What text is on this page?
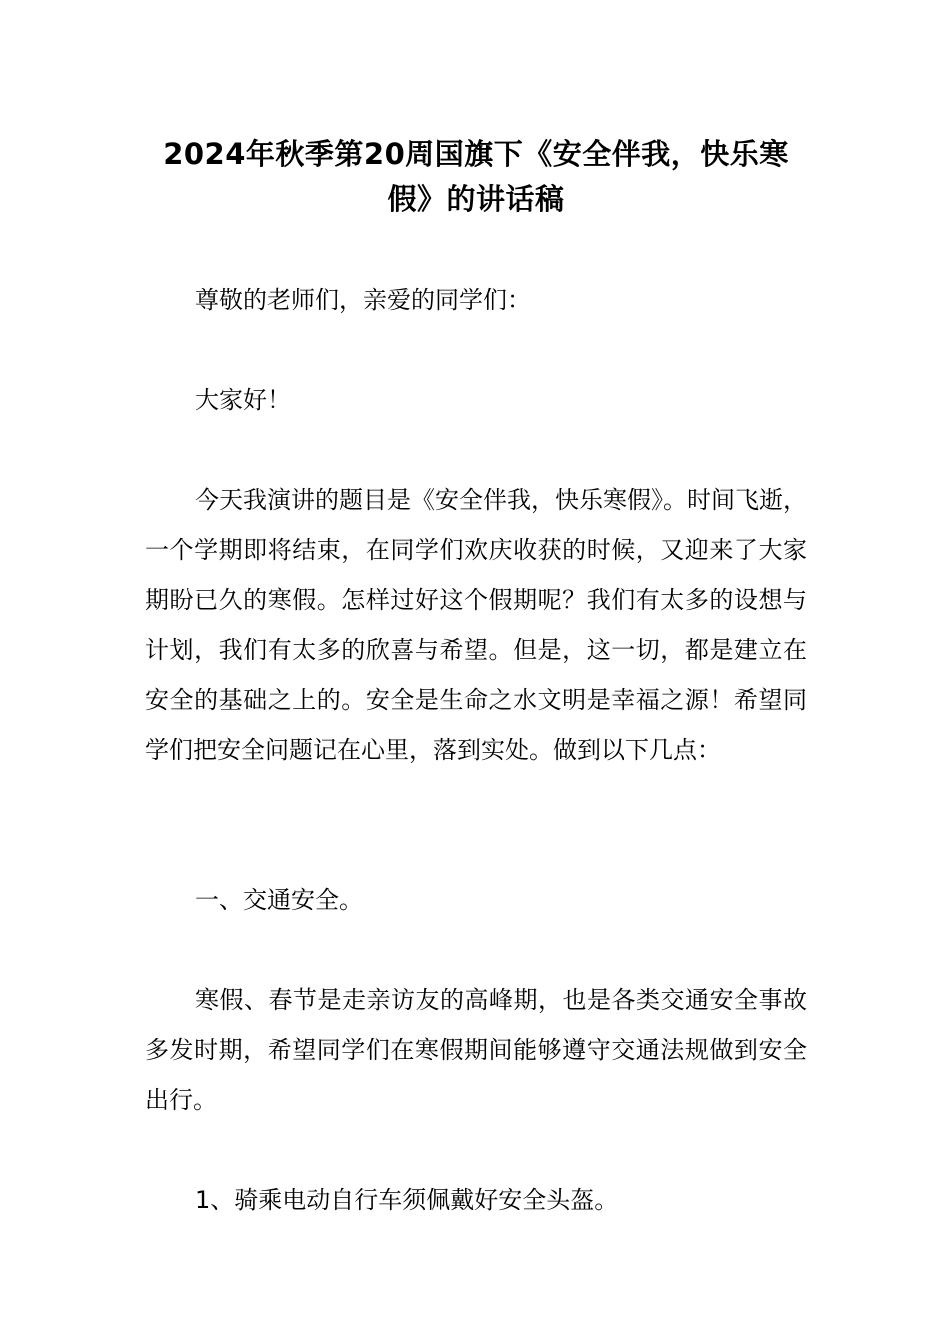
2024年秋季第20周国旗下《安全伴我，快乐寒假》的讲话稿

尊敬的老师们，亲爱的同学们：

大家好！

今天我演讲的题目是《安全伴我，快乐寒假》。时间飞逝，一个学期即将结束，在同学们欢庆收获的时候，又迎来了大家期盼已久的寒假。怎样过好这个假期呢？我们有太多的设想与计划，我们有太多的欣喜与希望。但是，这一切，都是建立在安全的基础之上的。安全是生命之水文明是幸福之源！希望同学们把安全问题记在心里，落到实处。做到以下几点：

一、交通安全。

寒假、春节是走亲访友的高峰期，也是各类交通安全事故多发时期，希望同学们在寒假期间能够遵守交通法规做到安全出行。

1、骑乘电动自行车须佩戴好安全头盔。
